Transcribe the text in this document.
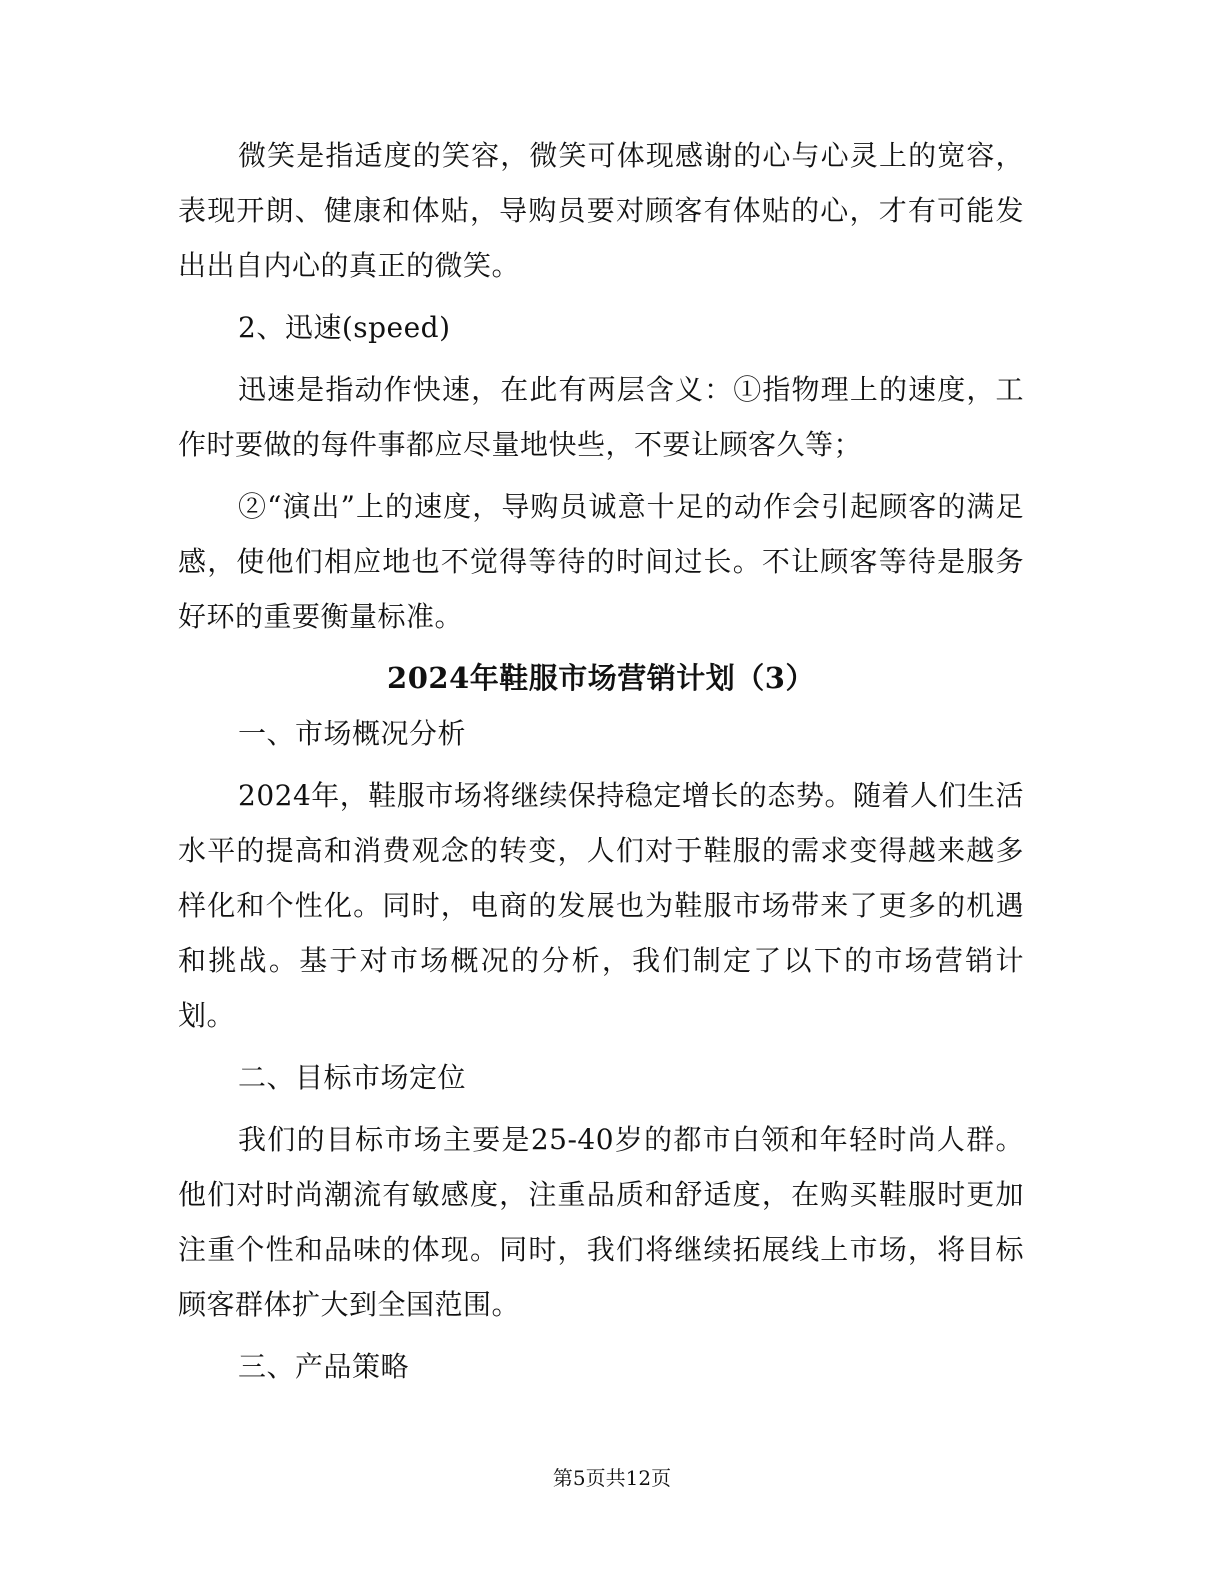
微笑是指适度的笑容，微笑可体现感谢的心与心灵上的宽容，表现开朗、健康和体贴，导购员要对顾客有体贴的心，才有可能发出出自内心的真正的微笑。

2、迅速(speed)

迅速是指动作快速，在此有两层含义：①指物理上的速度，工作时要做的每件事都应尽量地快些，不要让顾客久等；

②“演出”上的速度，导购员诚意十足的动作会引起顾客的满足感，使他们相应地也不觉得等待的时间过长。不让顾客等待是服务好环的重要衡量标准。

2024年鞋服市场营销计划（3）

一、市场概况分析

2024年，鞋服市场将继续保持稳定增长的态势。随着人们生活水平的提高和消费观念的转变，人们对于鞋服的需求变得越来越多样化和个性化。同时，电商的发展也为鞋服市场带来了更多的机遇和挑战。基于对市场概况的分析，我们制定了以下的市场营销计划。

二、目标市场定位

我们的目标市场主要是25-40岁的都市白领和年轻时尚人群。他们对时尚潮流有敏感度，注重品质和舒适度，在购买鞋服时更加注重个性和品味的体现。同时，我们将继续拓展线上市场，将目标顾客群体扩大到全国范围。

三、产品策略

第5页共12页
